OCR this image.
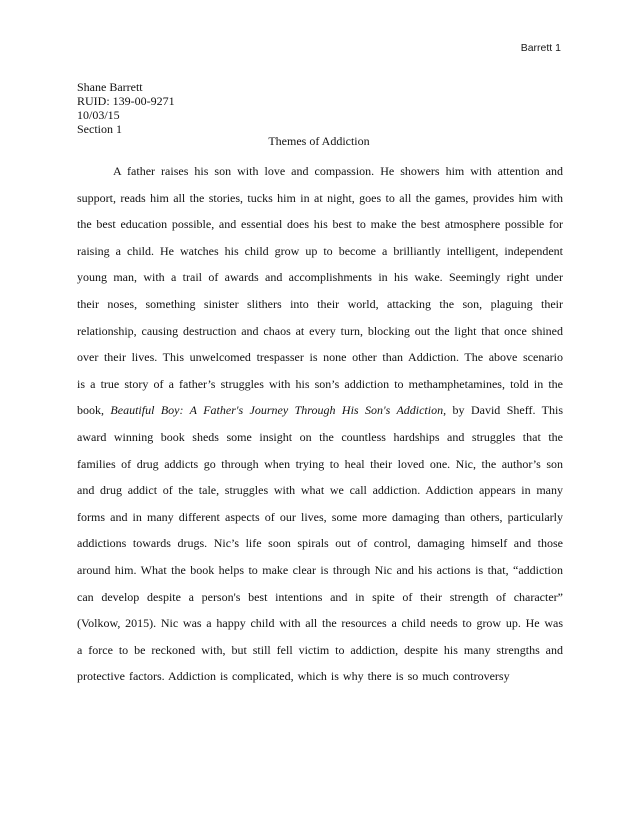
Barrett 1
Shane Barrett
RUID: 139-00-9271
10/03/15
Section 1
Themes of Addiction
A father raises his son with love and compassion. He showers him with attention and
support, reads him all the stories, tucks him in at night, goes to all the games, provides him with
the best education possible, and essential does his best to make the best atmosphere possible for
raising a child. He watches his child grow up to become a brilliantly intelligent, independent
young man, with a trail of awards and accomplishments in his wake. Seemingly right under
their noses, something sinister slithers into their world, attacking the son, plaguing their
relationship, causing destruction and chaos at every turn, blocking out the light that once shined
over their lives. This unwelcomed trespasser is none other than Addiction. The above scenario
is a true story of a father’s struggles with his son’s addiction to methamphetamines, told in the
book, Beautiful Boy: A Father's Journey Through His Son's Addiction, by David Sheff. This
award winning book sheds some insight on the countless hardships and struggles that the
families of drug addicts go through when trying to heal their loved one. Nic, the author’s son
and drug addict of the tale, struggles with what we call addiction. Addiction appears in many
forms and in many different aspects of our lives, some more damaging than others, particularly
addictions towards drugs. Nic’s life soon spirals out of control, damaging himself and those
around him. What the book helps to make clear is through Nic and his actions is that, “addiction
can develop despite a person's best intentions and in spite of their strength of character”
(Volkow, 2015). Nic was a happy child with all the resources a child needs to grow up. He was
a force to be reckoned with, but still fell victim to addiction, despite his many strengths and
protective factors. Addiction is complicated, which is why there is so much controversy
